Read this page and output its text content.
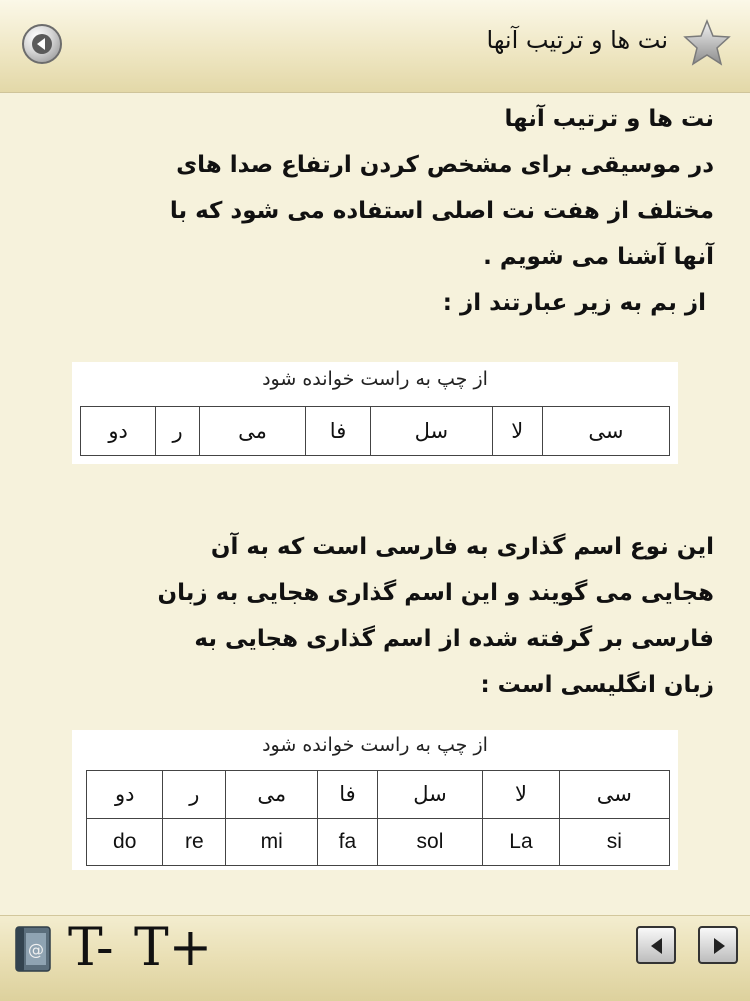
نت ها و ترتیب آنها
نت ها و ترتیب آنها
در موسیقی برای مشخص کردن ارتفاع صدا های
مختلف از هفت نت اصلی استفاده می شود که با
آنها آشنا می شویم .
از بم به زیر عبارتند از :
از چپ به راست خوانده شود
سی	لا	سل	فا	می	ر	دو
این نوع اسم گذاری به فارسی است که به آن
هجایی می گویند و این اسم گذاری هجایی به زبان
فارسی بر گرفته شده از اسم گذاری هجایی به
زبان انگلیسی است :
از چپ به راست خوانده شود
سی	لا	سل	فا	می	ر	دو
si	La	sol	fa	mi	re	do
@ T- T+
